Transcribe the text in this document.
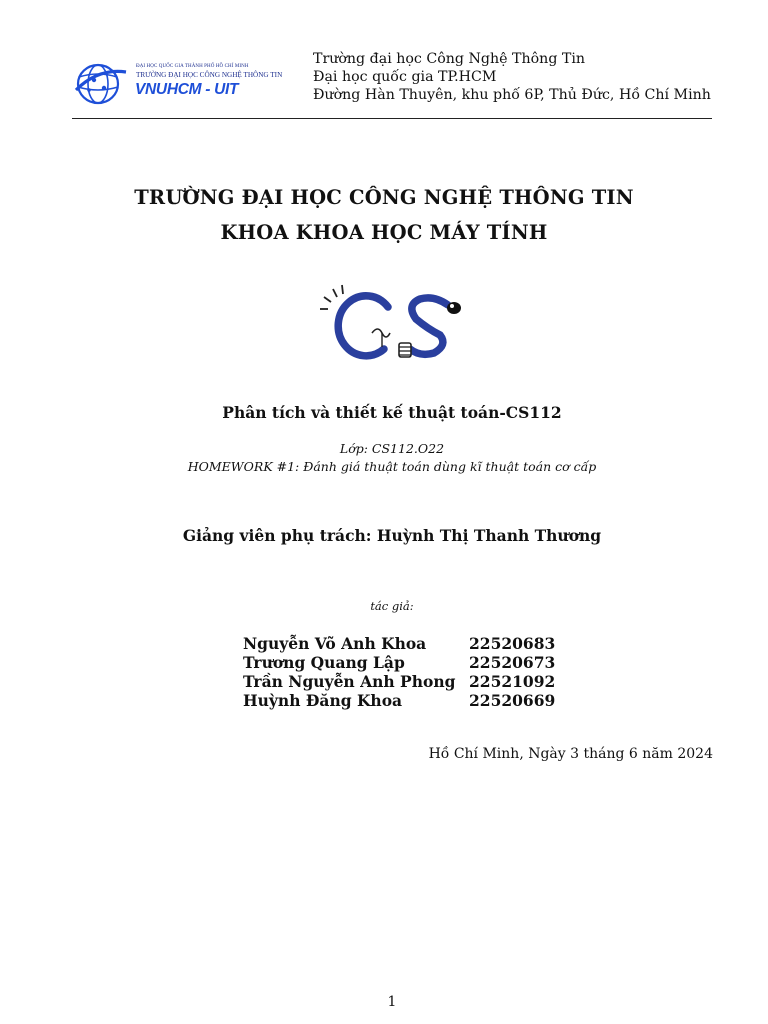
ĐẠI HỌC QUỐC GIA THÀNH PHỐ HỒ CHÍ MINH
TRƯỜNG ĐẠI HỌC CÔNG NGHỆ THÔNG TIN
VNUHCM - UIT
Trường đại học Công Nghệ Thông Tin
Đại học quốc gia TP.HCM
Đường Hàn Thuyên, khu phố 6P, Thủ Đức, Hồ Chí Minh
TRƯỜNG ĐẠI HỌC CÔNG NGHỆ THÔNG TIN
KHOA KHOA HỌC MÁY TÍNH
Phân tích và thiết kế thuật toán-CS112
Lớp: CS112.O22
HOMEWORK #1: Đánh giá thuật toán dùng kĩ thuật toán cơ cấp
Giảng viên phụ trách: Huỳnh Thị Thanh Thương
tác giả:
Nguyễn Võ Anh Khoa	22520683
Trương Quang Lập	22520673
Trần Nguyễn Anh Phong 22521092
Huỳnh Đăng Khoa	22520669
Hồ Chí Minh, Ngày 3 tháng 6 năm 2024
1
